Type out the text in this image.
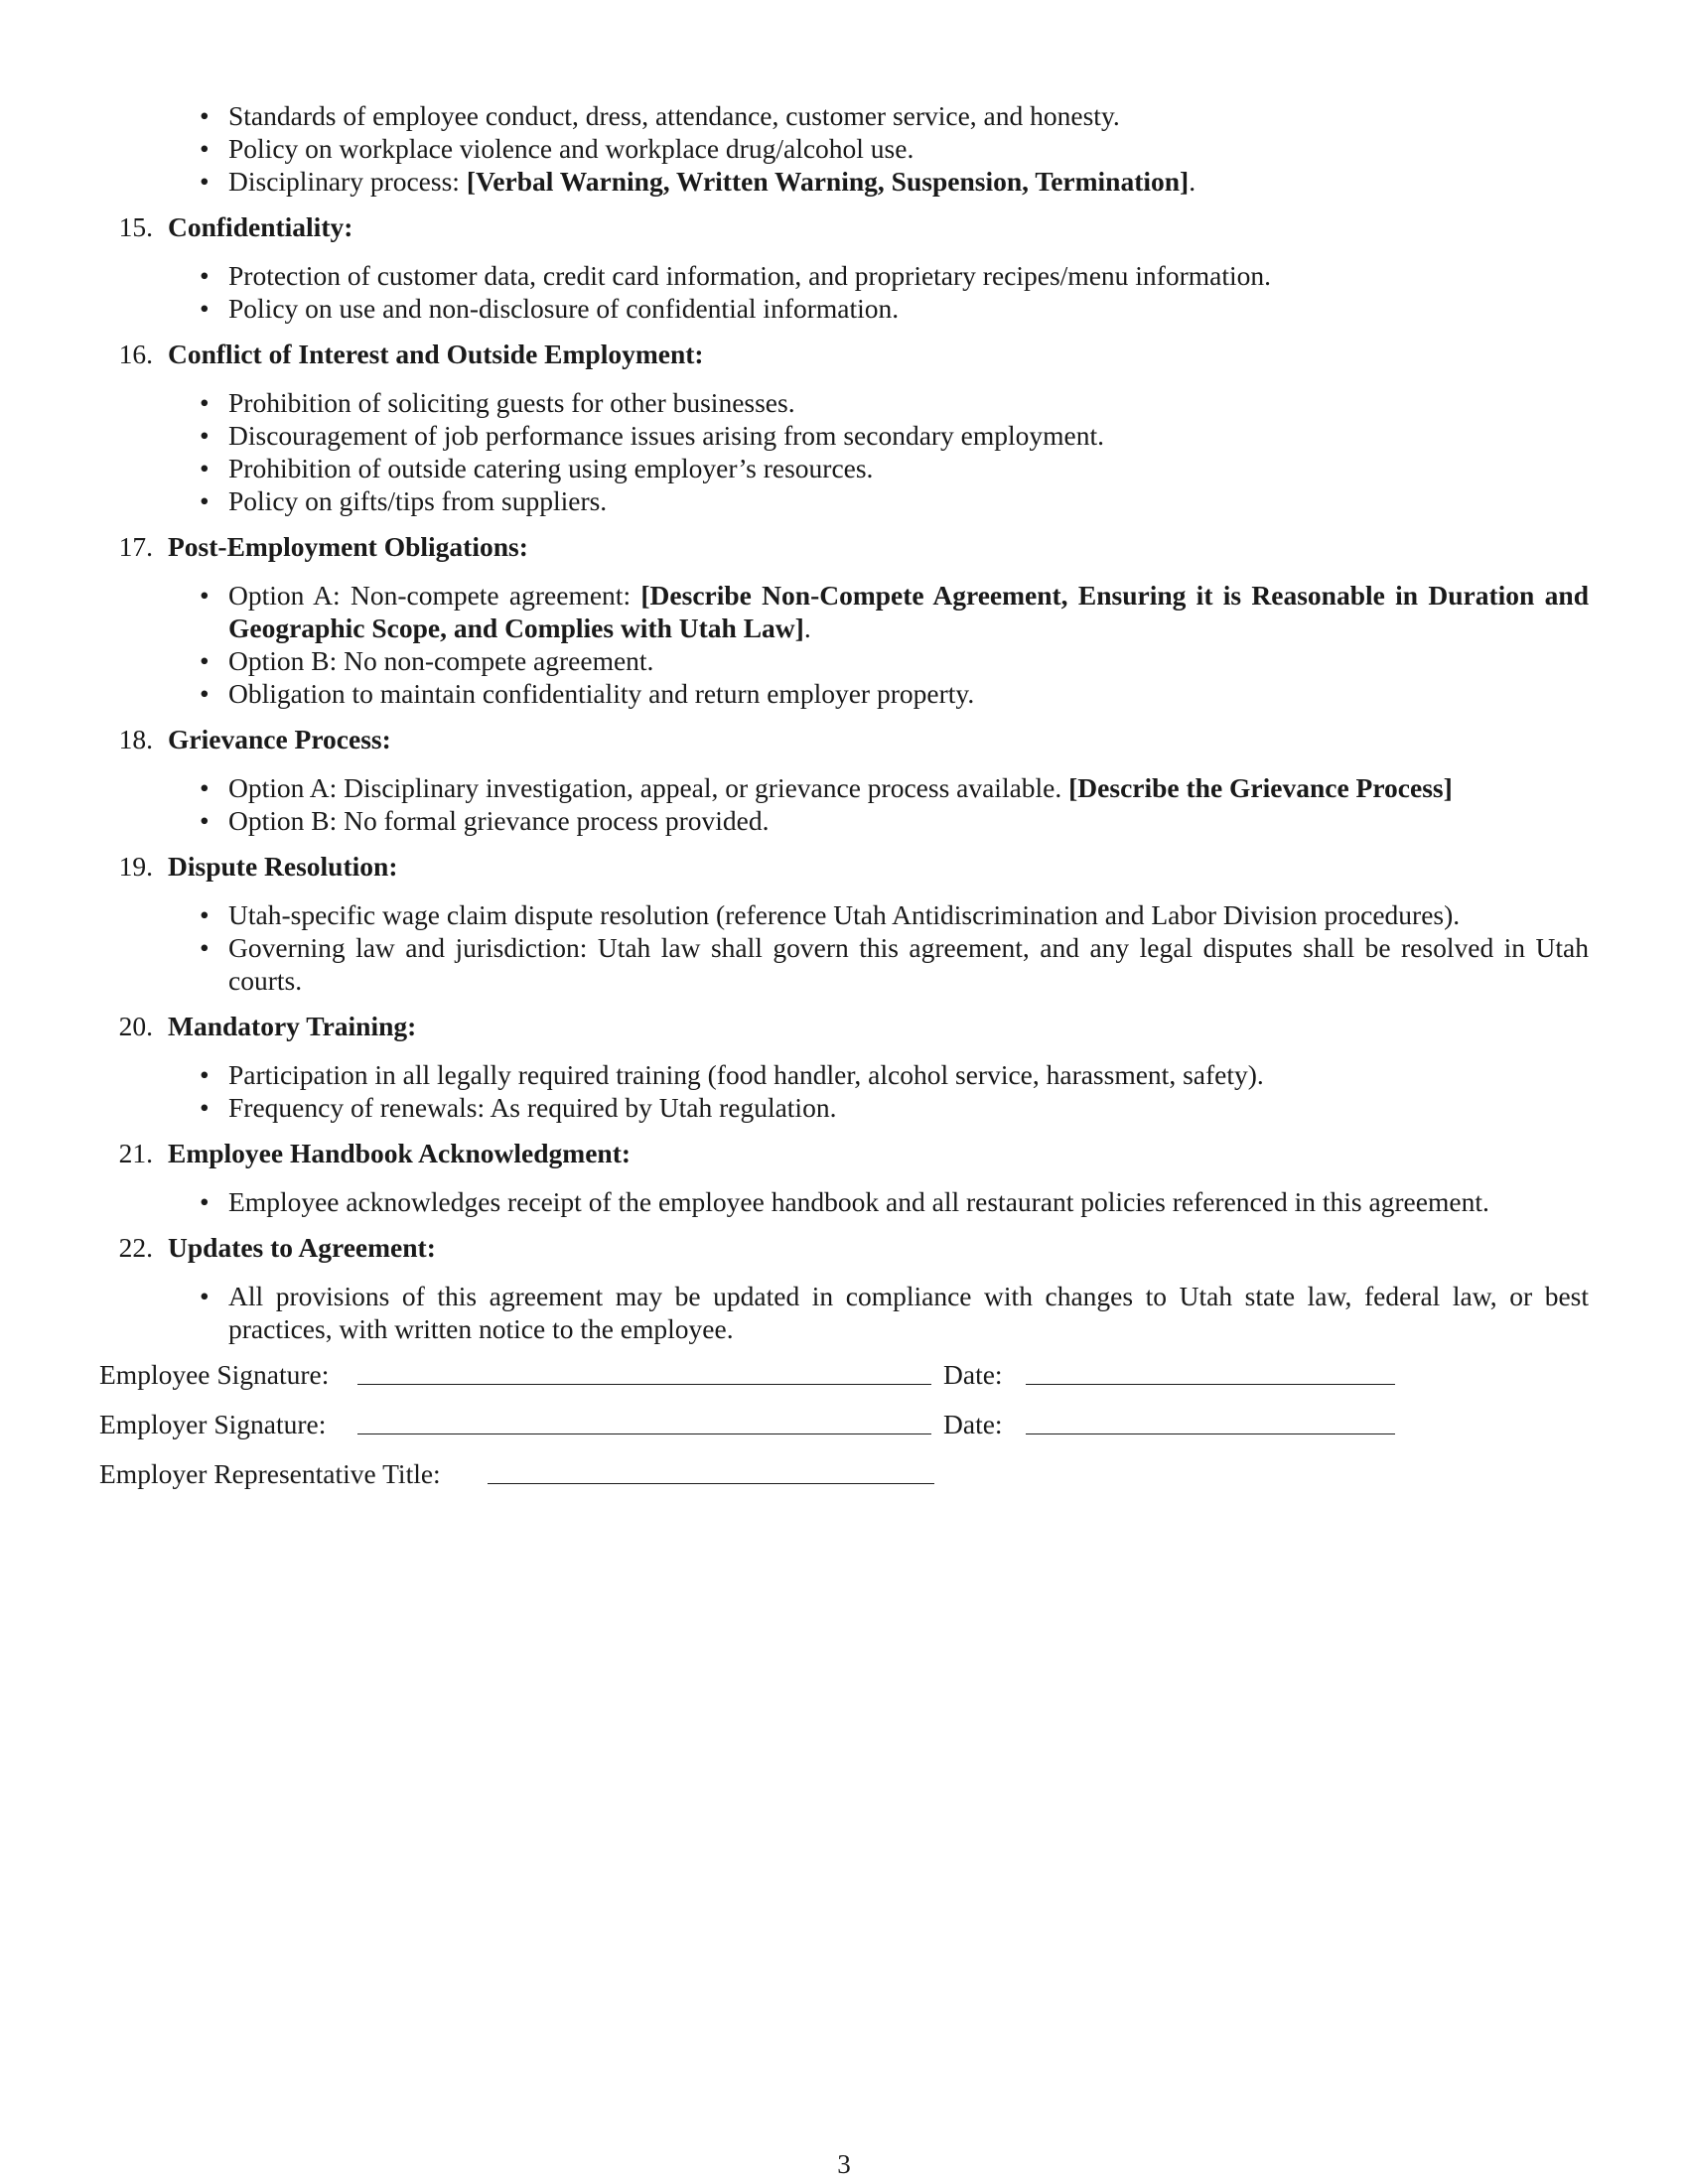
• Standards of employee conduct, dress, attendance, customer service, and honesty.
• Policy on workplace violence and workplace drug/alcohol use.
• Disciplinary process: [Verbal Warning, Written Warning, Suspension, Termination].
15. Confidentiality:
• Protection of customer data, credit card information, and proprietary recipes/menu information.
• Policy on use and non-disclosure of confidential information.
16. Conflict of Interest and Outside Employment:
• Prohibition of soliciting guests for other businesses.
• Discouragement of job performance issues arising from secondary employment.
• Prohibition of outside catering using employer’s resources.
• Policy on gifts/tips from suppliers.
17. Post-Employment Obligations:
• Option A: Non-compete agreement: [Describe Non-Compete Agreement, Ensuring it is Reasonable in Duration and Geographic Scope, and Complies with Utah Law].
• Option B: No non-compete agreement.
• Obligation to maintain confidentiality and return employer property.
18. Grievance Process:
• Option A: Disciplinary investigation, appeal, or grievance process available. [Describe the Grievance Process]
• Option B: No formal grievance process provided.
19. Dispute Resolution:
• Utah-specific wage claim dispute resolution (reference Utah Antidiscrimination and Labor Division procedures).
• Governing law and jurisdiction: Utah law shall govern this agreement, and any legal disputes shall be resolved in Utah courts.
20. Mandatory Training:
• Participation in all legally required training (food handler, alcohol service, harassment, safety).
• Frequency of renewals: As required by Utah regulation.
21. Employee Handbook Acknowledgment:
• Employee acknowledges receipt of the employee handbook and all restaurant policies referenced in this agreement.
22. Updates to Agreement:
• All provisions of this agreement may be updated in compliance with changes to Utah state law, federal law, or best practices, with written notice to the employee.
Employee Signature:	Date:
Employer Signature:	Date:
Employer Representative Title:
3
